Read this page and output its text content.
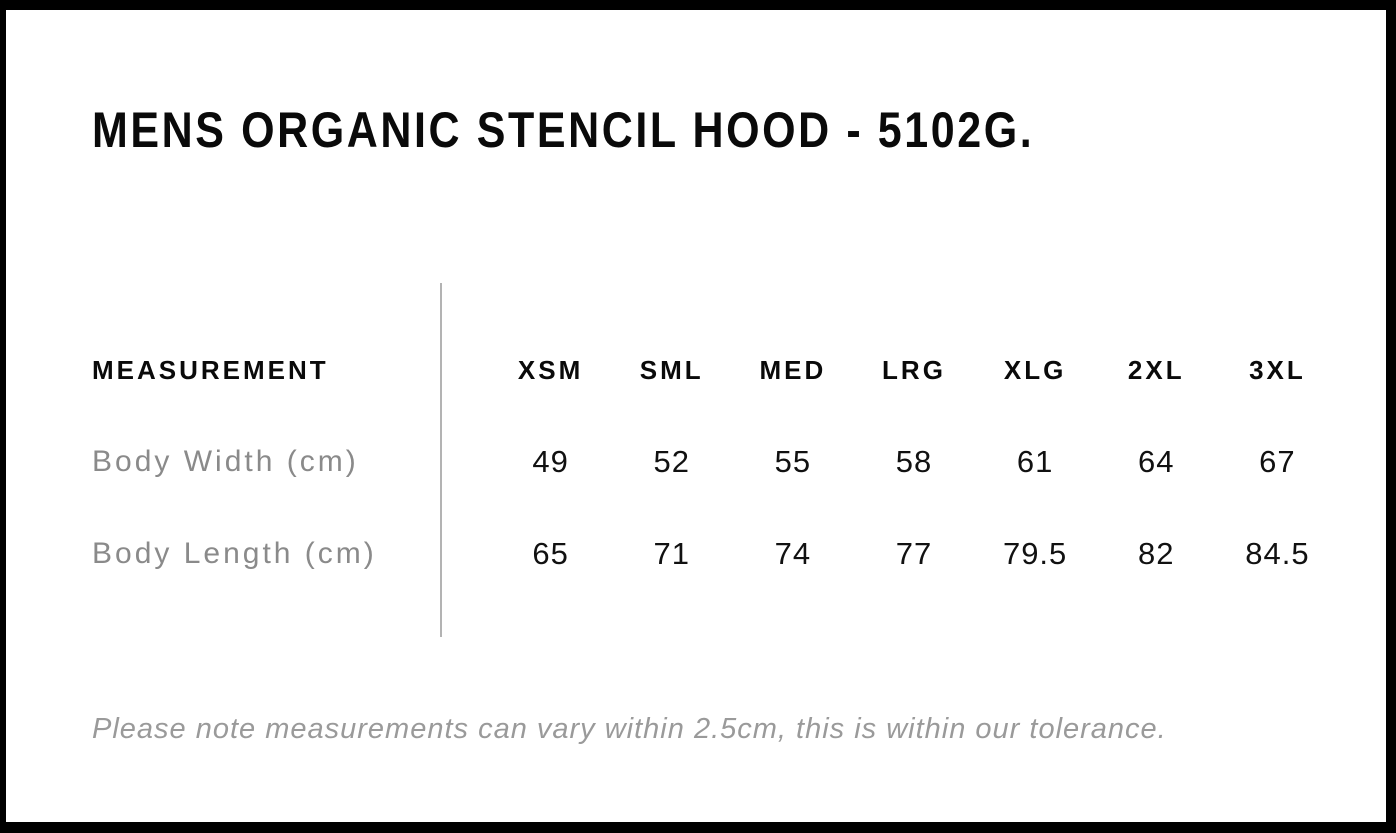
MENS ORGANIC STENCIL HOOD - 5102G.
MEASUREMENT	XSM	SML	MED	LRG	XLG	2XL	3XL
Body Width (cm)	49	52	55	58	61	64	67
Body Length (cm)	65	71	74	77	79.5	82	84.5

Please note measurements can vary within 2.5cm, this is within our tolerance.
